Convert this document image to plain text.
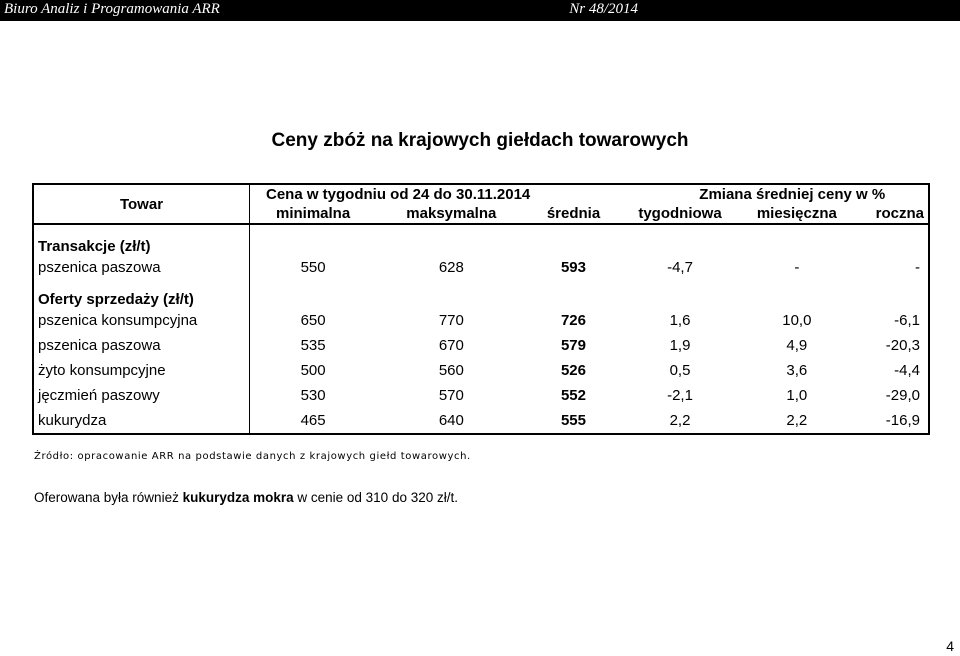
Biuro Analiz i Programowania ARR	Nr 48/2014
Ceny zbóż na krajowych giełdach towarowych
Towar	Cena w tygodniu od 24 do 30.11.2014			Zmiana średniej ceny w %		
	minimalna	maksymalna	średnia	tygodniowa	miesięczna	roczna
Transakcje (zł/t)						
pszenica paszowa	550	628	593	-4,7	-	-
Oferty sprzedaży (zł/t)						
pszenica konsumpcyjna	650	770	726	1,6	10,0	-6,1
pszenica paszowa	535	670	579	1,9	4,9	-20,3
żyto konsumpcyjne	500	560	526	0,5	3,6	-4,4
jęczmień paszowy	530	570	552	-2,1	1,0	-29,0
kukurydza	465	640	555	2,2	2,2	-16,9
Źródło: opracowanie ARR na podstawie danych z krajowych giełd towarowych.
Oferowana była również kukurydza mokra w cenie od 310 do 320 zł/t.
4
